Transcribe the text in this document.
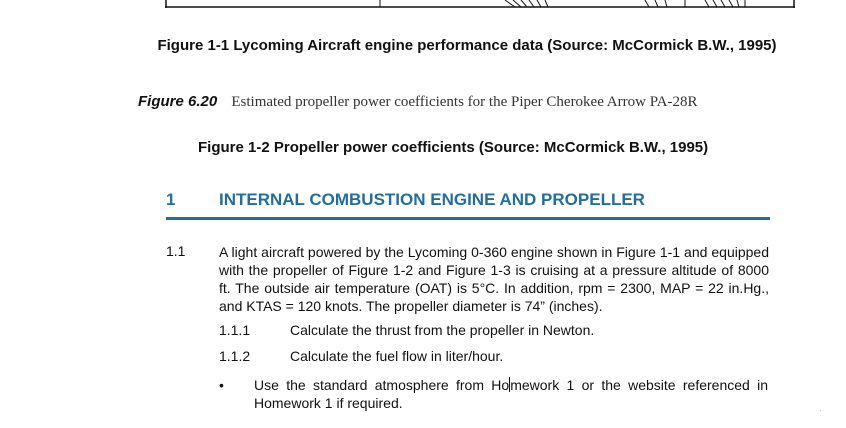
Figure 1-1 Lycoming Aircraft engine performance data (Source: McCormick B.W., 1995)
Figure 6.20 Estimated propeller power coefficients for the Piper Cherokee Arrow PA-28R
Figure 1-2 Propeller power coefficients (Source: McCormick B.W., 1995)
1	INTERNAL COMBUSTION ENGINE AND PROPELLER
1.1 A light aircraft powered by the Lycoming 0-360 engine shown in Figure 1-1 and equipped with the propeller of Figure 1-2 and Figure 1-3 is cruising at a pressure altitude of 8000 ft. The outside air temperature (OAT) is 5°C. In addition, rpm = 2300, MAP = 22 in.Hg., and KTAS = 120 knots. The propeller diameter is 74” (inches).
1.1.1	Calculate the thrust from the propeller in Newton.
1.1.2	Calculate the fuel flow in liter/hour.
• Use the standard atmosphere from Homework 1 or the website referenced in Homework 1 if required.
